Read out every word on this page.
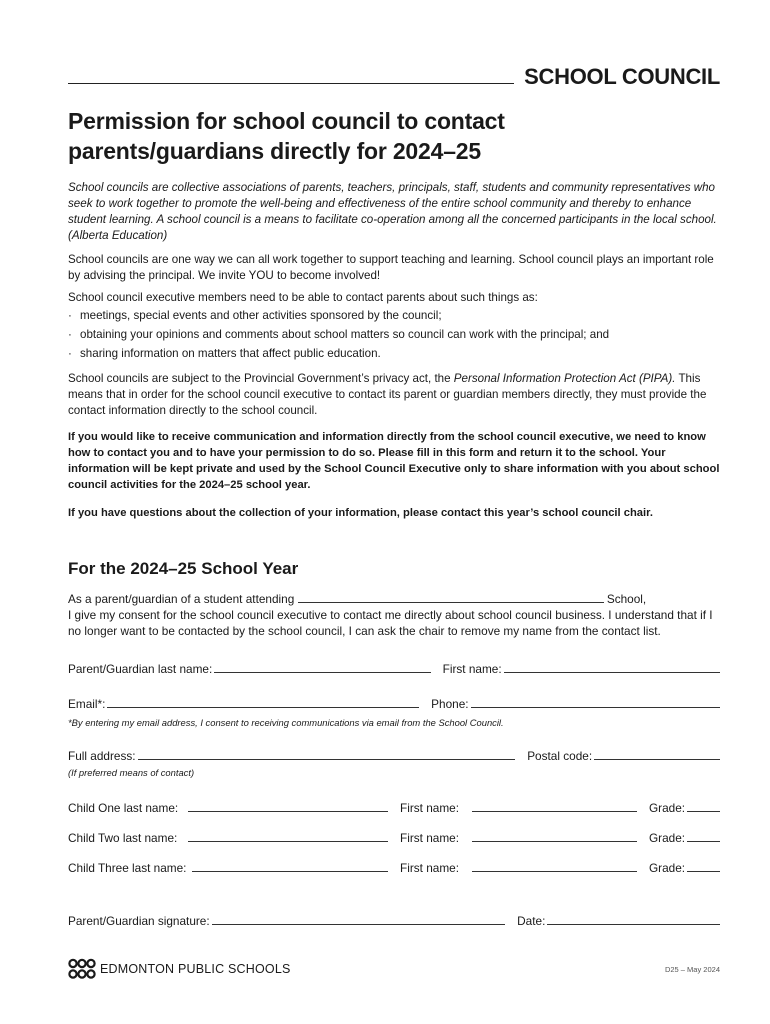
SCHOOL COUNCIL
Permission for school council to contact
parents/guardians directly for 2024–25

School councils are collective associations of parents, teachers, principals, staff, students and community representatives who seek to work together to promote the well-being and effectiveness of the entire school community and thereby to enhance student learning. A school council is a means to facilitate co-operation among all the concerned participants in the local school. (Alberta Education)

School councils are one way we can all work together to support teaching and learning. School council plays an important role by advising the principal. We invite YOU to become involved!

School council executive members need to be able to contact parents about such things as:

· meetings, special events and other activities sponsored by the council;
· obtaining your opinions and comments about school matters so council can work with the principal; and
· sharing information on matters that affect public education.

School councils are subject to the Provincial Government’s privacy act, the Personal Information Protection Act (PIPA). This means that in order for the school council executive to contact its parent or guardian members directly, they must provide the contact information directly to the school council.

If you would like to receive communication and information directly from the school council executive, we need to know how to contact you and to have your permission to do so. Please fill in this form and return it to the school. Your information will be kept private and used by the School Council Executive only to share information with you about school council activities for the 2024–25 school year.

If you have questions about the collection of your information, please contact this year’s school council chair.

For the 2024–25 School Year

As a parent/guardian of a student attending	School,
I give my consent for the school council executive to contact me directly about school council business. I understand that if I no longer want to be contacted by the school council, I can ask the chair to remove my name from the contact list.

Parent/Guardian last name:	First name:
Email*:	Phone:
*By entering my email address, I consent to receiving communications via email from the School Council.
Full address:	Postal code:
(If preferred means of contact)
Child One last name:	First name:	Grade:
Child Two last name:	First name:	Grade:
Child Three last name:	First name:	Grade:
Parent/Guardian signature:	Date:
EDMONTON PUBLIC SCHOOLS	D25 – May 2024
